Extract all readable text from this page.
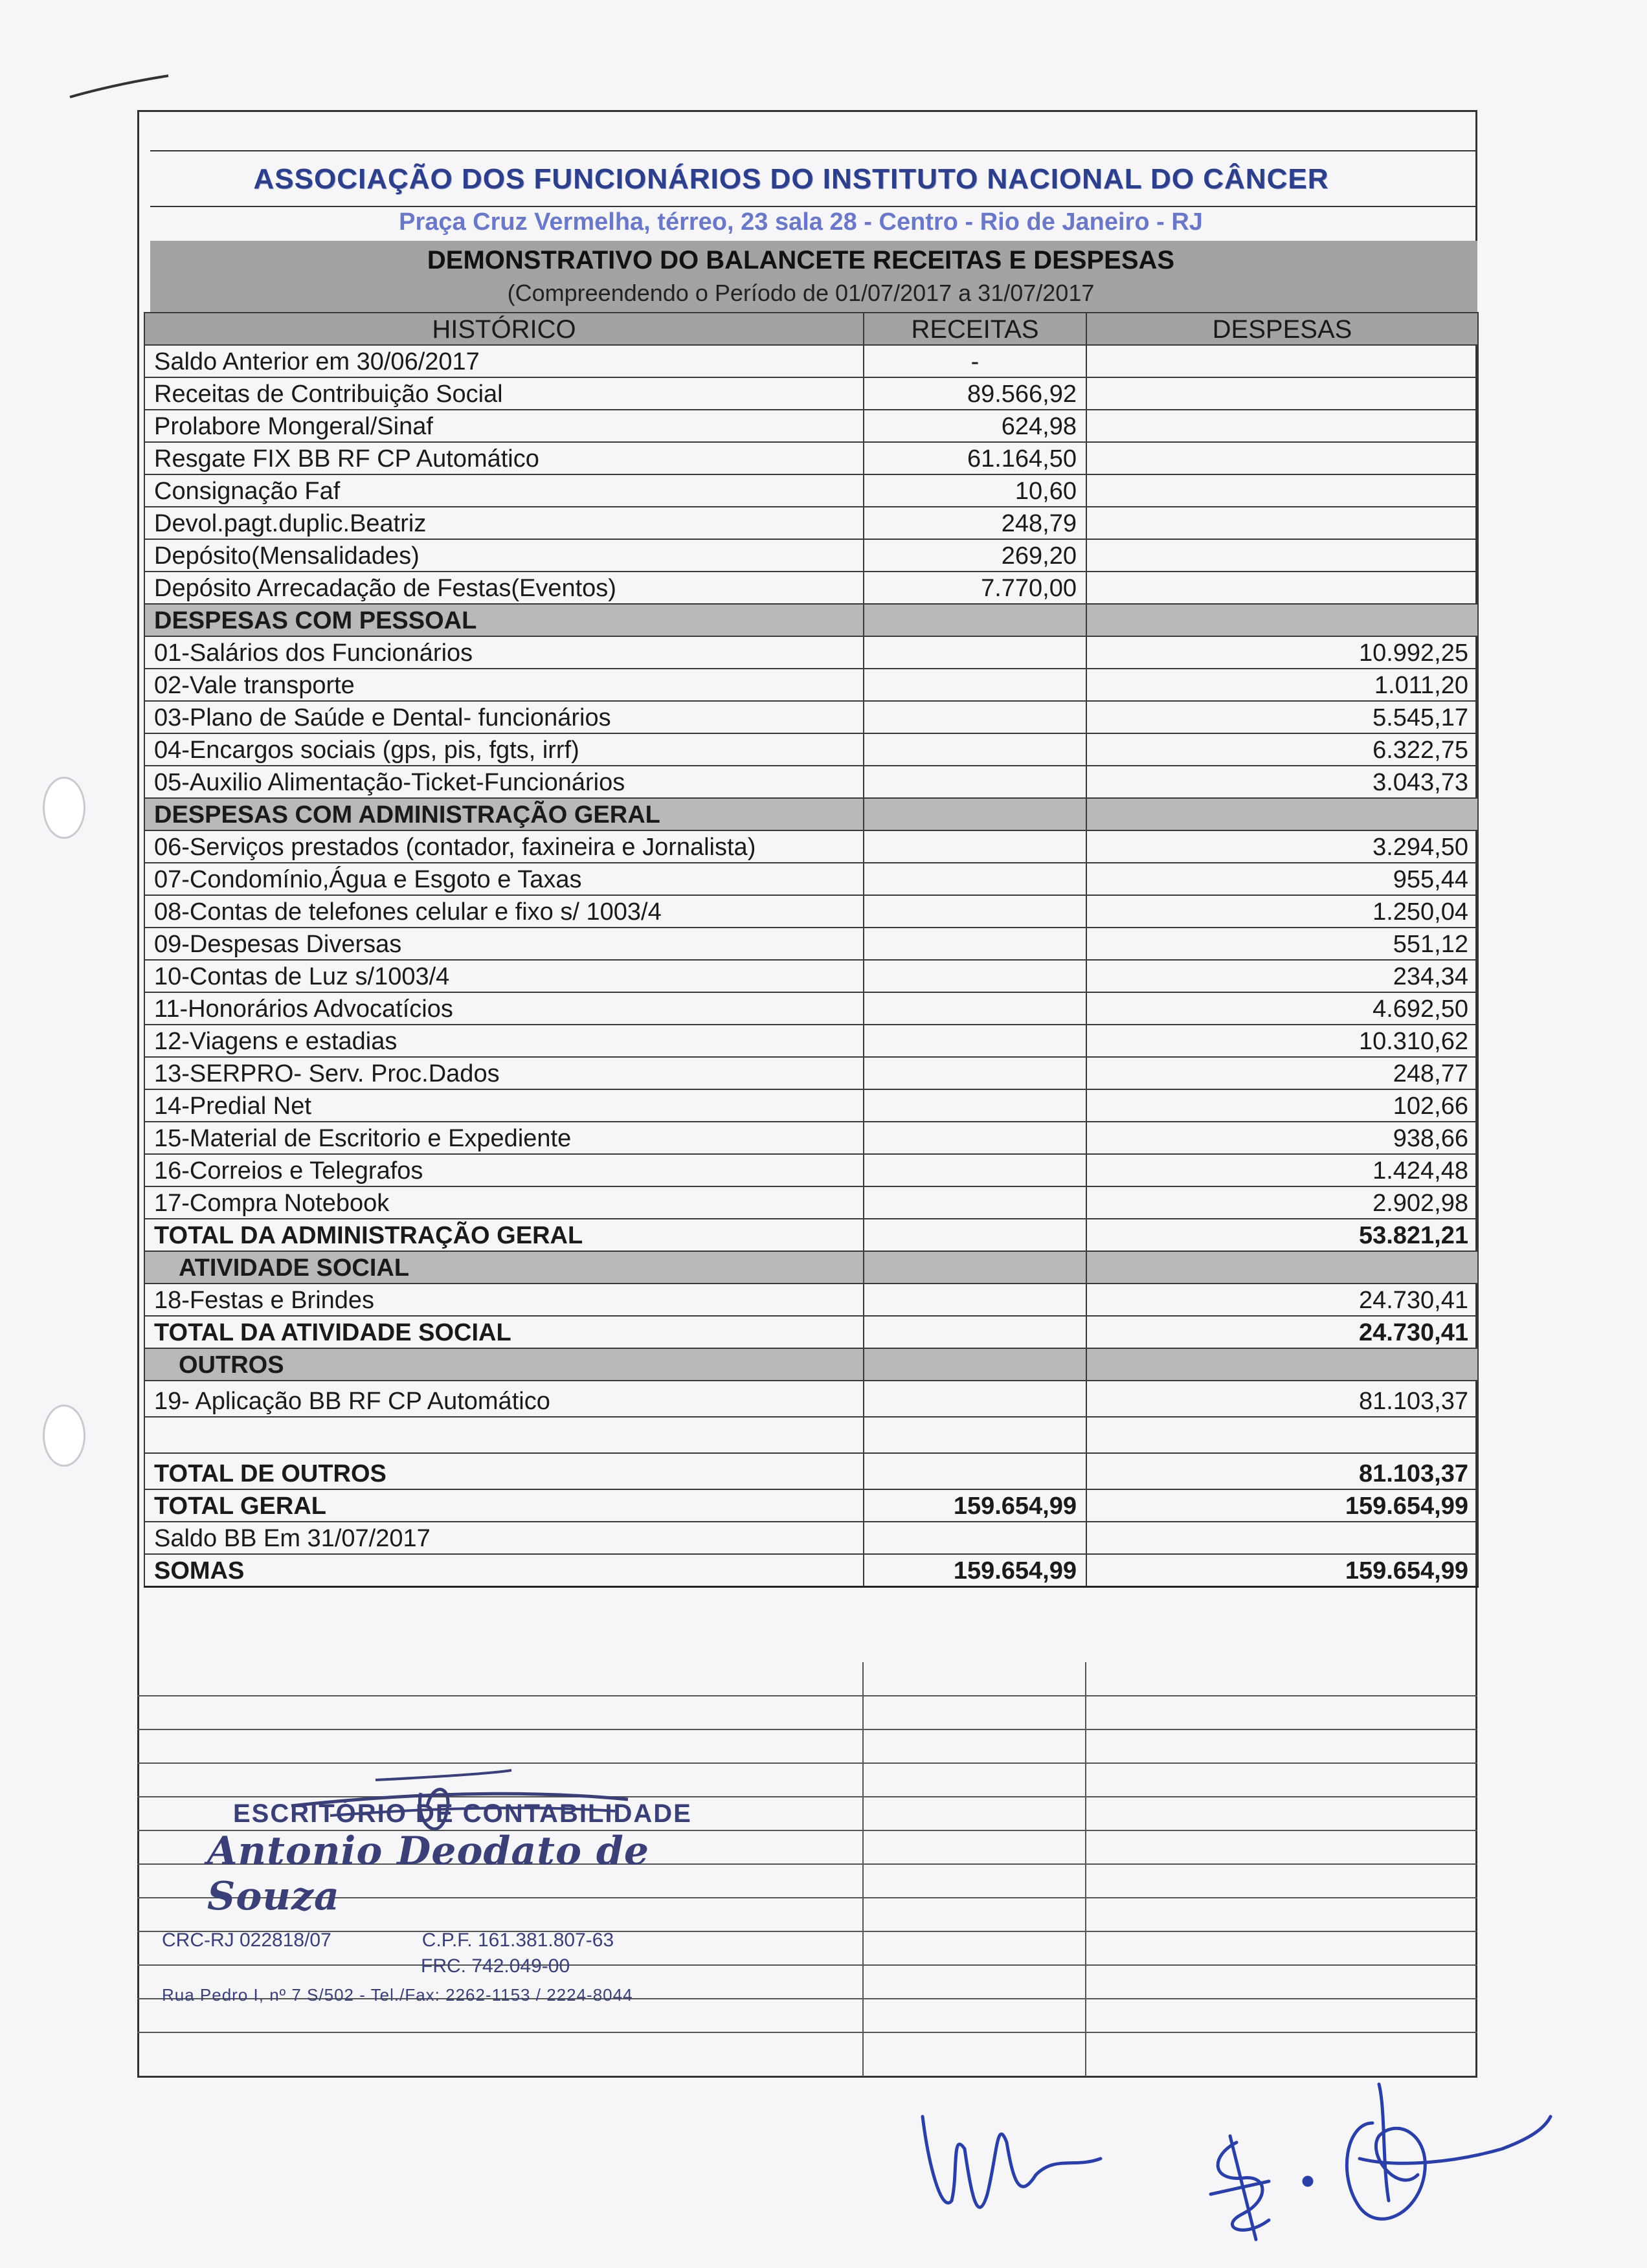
ASSOCIAÇÃO DOS FUNCIONÁRIOS DO INSTITUTO NACIONAL DO CÂNCER
Praça Cruz Vermelha, térreo, 23 sala 28 - Centro - Rio de Janeiro - RJ
DEMONSTRATIVO DO BALANCETE RECEITAS E DESPESAS
(Compreendendo o Período de 01/07/2017 a 31/07/2017
HISTÓRICO	RECEITAS	DESPESAS
Saldo Anterior em 30/06/2017	-	
Receitas de Contribuição Social	89.566,92	
Prolabore Mongeral/Sinaf	624,98	
Resgate FIX BB RF CP Automático	61.164,50	
Consignação Faf	10,60	
Devol.pagt.duplic.Beatriz	248,79	
Depósito(Mensalidades)	269,20	
Depósito Arrecadação de Festas(Eventos)	7.770,00	
DESPESAS COM PESSOAL		
01-Salários dos Funcionários		10.992,25
02-Vale transporte		1.011,20
03-Plano de Saúde e Dental- funcionários		5.545,17
04-Encargos sociais (gps, pis, fgts, irrf)		6.322,75
05-Auxilio Alimentação-Ticket-Funcionários		3.043,73
DESPESAS COM ADMINISTRAÇÃO GERAL		
06-Serviços prestados (contador, faxineira e Jornalista)		3.294,50
07-Condomínio,Água e Esgoto e Taxas		955,44
08-Contas de telefones celular e fixo s/ 1003/4		1.250,04
09-Despesas Diversas		551,12
10-Contas de Luz s/1003/4		234,34
11-Honorários Advocatícios		4.692,50
12-Viagens e estadias		10.310,62
13-SERPRO- Serv. Proc.Dados		248,77
14-Predial Net		102,66
15-Material de Escritorio e Expediente		938,66
16-Correios e Telegrafos		1.424,48
17-Compra Notebook		2.902,98
TOTAL DA ADMINISTRAÇÃO GERAL		53.821,21
ATIVIDADE SOCIAL		
18-Festas e Brindes		24.730,41
TOTAL DA ATIVIDADE SOCIAL		24.730,41
OUTROS		
19- Aplicação BB RF CP Automático		81.103,37

TOTAL DE OUTROS		81.103,37
TOTAL GERAL	159.654,99	159.654,99
Saldo BB Em 31/07/2017		
SOMAS	159.654,99	159.654,99
ESCRITÓRIO DE CONTABILIDADE
Antonio Deodato de Souza
CRC-RJ 022818/07	C.P.F. 161.381.807-63
FRC. 742.049-00
Rua Pedro I, nº 7 S/502 - Tel./Fax: 2262-1153 / 2224-8044
